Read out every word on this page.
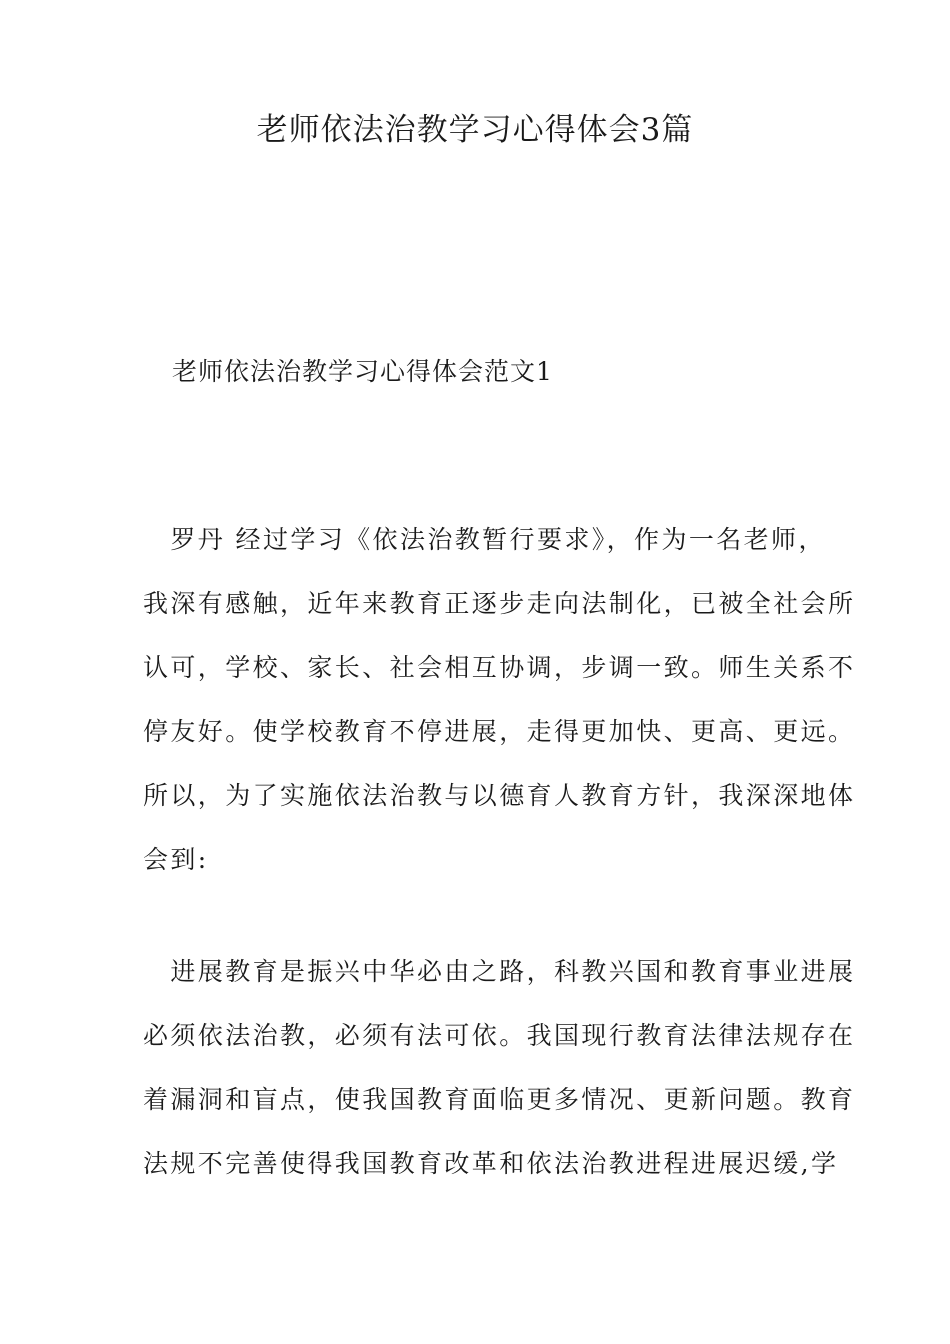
老师依法治教学习心得体会3篇
老师依法治教学习心得体会范文1

　罗丹 经过学习《依法治教暂行要求》，作为一名老师，
我深有感触，近年来教育正逐步走向法制化，已被全社会所
认可，学校、家长、社会相互协调，步调一致。师生关系不
停友好。使学校教育不停进展，走得更加快、更高、更远。
所以，为了实施依法治教与以德育人教育方针，我深深地体
会到:

　进展教育是振兴中华必由之路，科教兴国和教育事业进展
必须依法治教，必须有法可依。我国现行教育法律法规存在
着漏洞和盲点，使我国教育面临更多情况、更新问题。教育
法规不完善使得我国教育改革和依法治教进程进展迟缓,学
